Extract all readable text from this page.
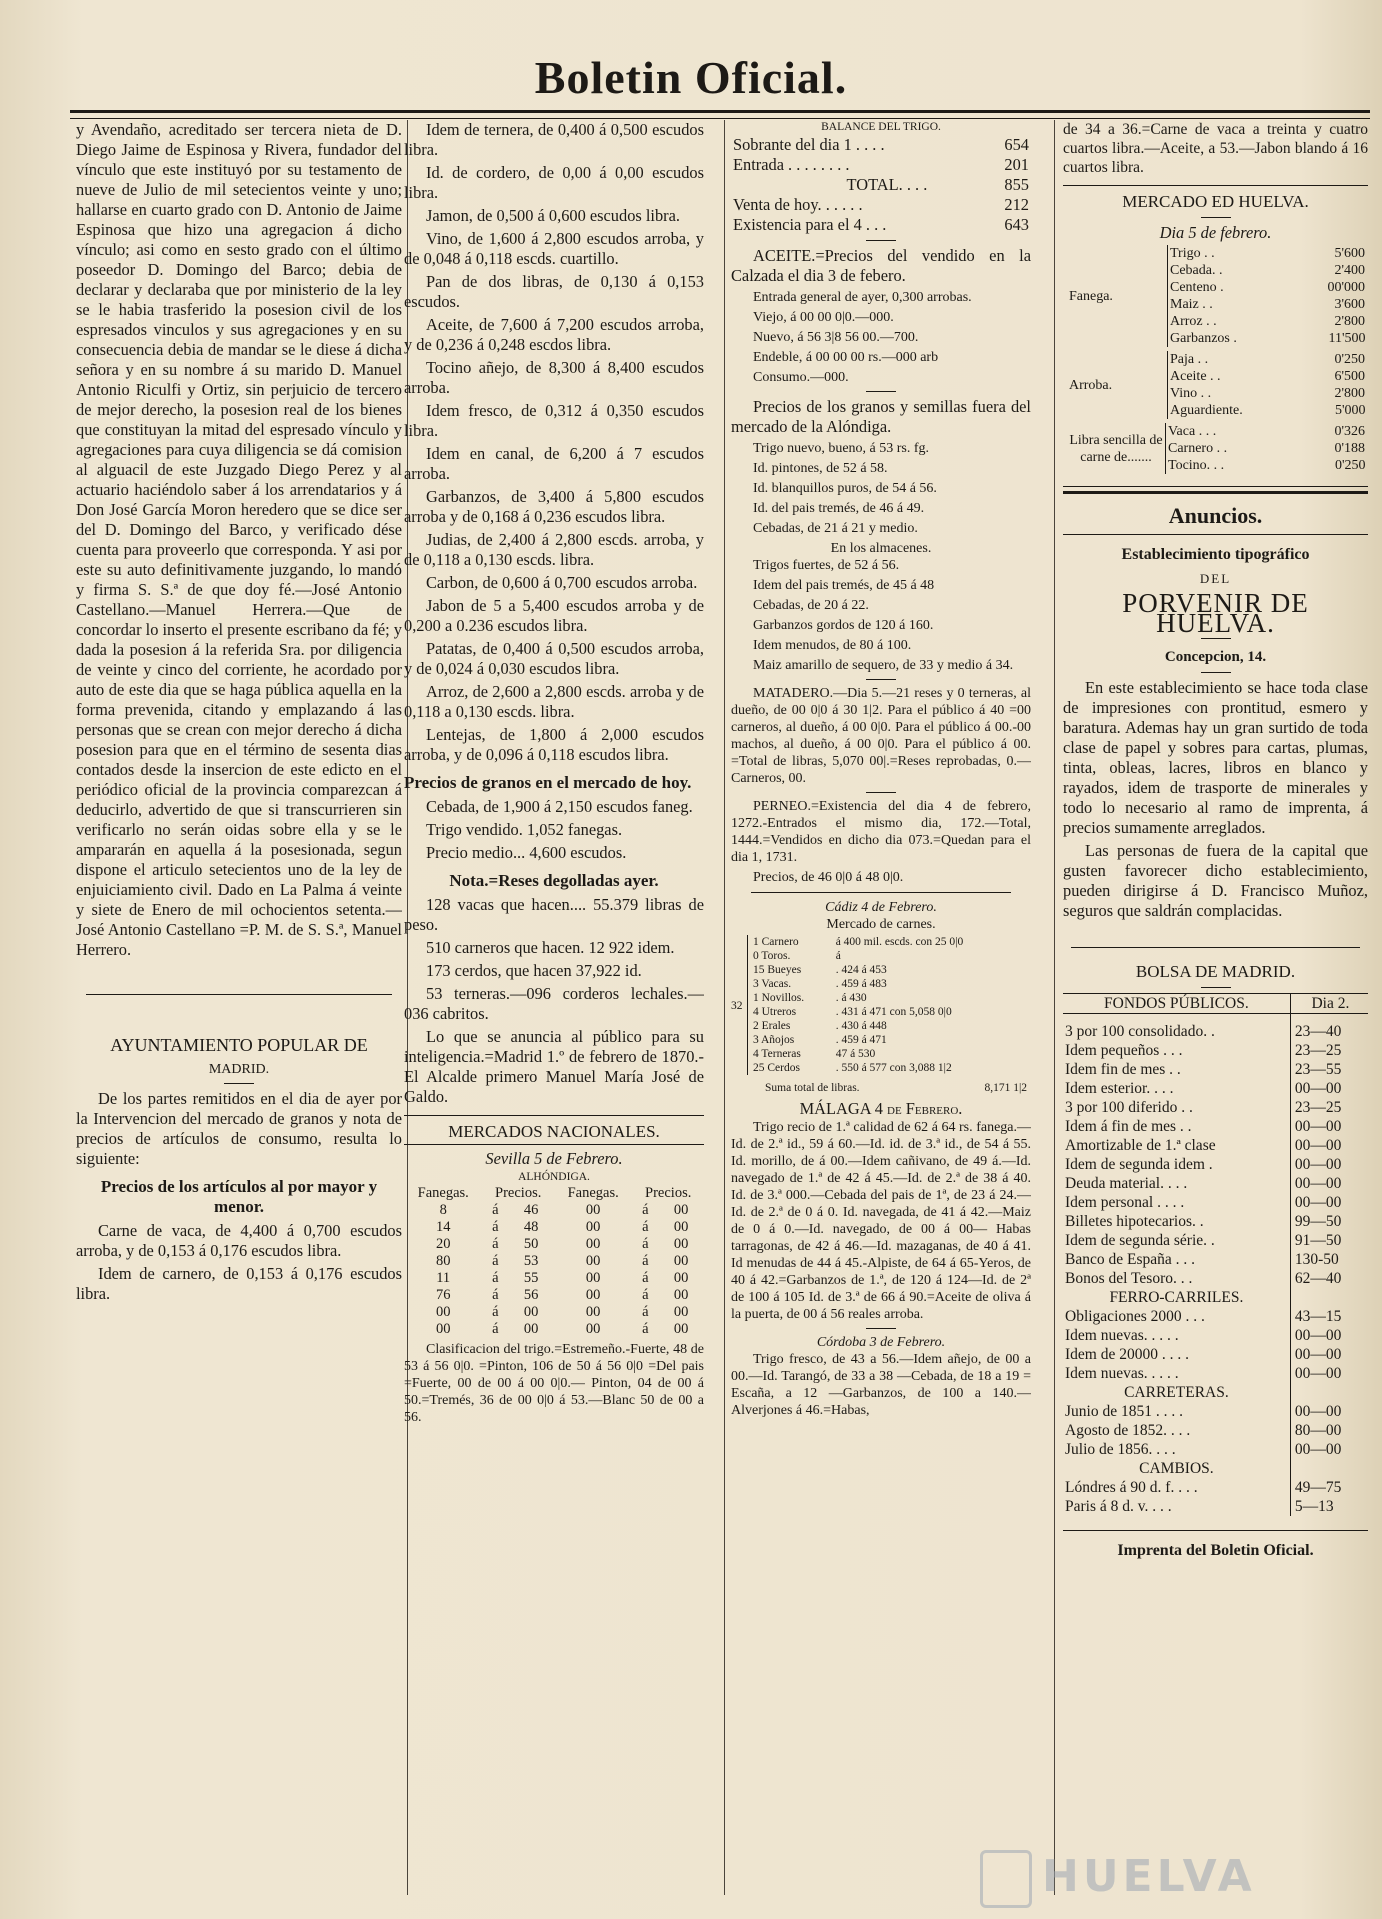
Boletin Oficial.

y Avendaño, acreditado ser tercera nieta de D. Diego Jaime de Espinosa y Rivera, fundador del vínculo que este instituyó por su testamento de nueve de Julio de mil setecientos veinte y uno; hallarse en cuarto grado con D. Antonio de Jaime Espinosa que hizo una agregacion á dicho vínculo; asi como en sesto grado con el último poseedor D. Domingo del Barco; debia de declarar y declaraba que por ministerio de la ley se le habia trasferido la posesion civil de los espresados vinculos y sus agregaciones y en su consecuencia debia de mandar se le diese á dicha señora y en su nombre á su marido D. Manuel Antonio Riculfi y Ortiz, sin perjuicio de tercero de mejor derecho, la posesion real de los bienes que constituyan la mitad del espresado vínculo y agregaciones para cuya diligencia se dá comision al alguacil de este Juzgado Diego Perez y al actuario haciéndolo saber á los arrendatarios y á Don José García Moron heredero que se dice ser del D. Domingo del Barco, y verificado dése cuenta para proveerlo que corresponda. Y asi por este su auto definitivamente juzgando, lo mandó y firma S. S.ª de que doy fé.—José Antonio Castellano.—Manuel Herrera.—Que de concordar lo inserto el presente escribano da fé; y dada la posesion á la referida Sra. por diligencia de veinte y cinco del corriente, he acordado por auto de este dia que se haga pública aquella en la forma prevenida, citando y emplazando á las personas que se crean con mejor derecho á dicha posesion para que en el término de sesenta dias contados desde la insercion de este edicto en el periódico oficial de la provincia comparezcan á deducirlo, advertido de que si transcurrieren sin verificarlo no serán oidas sobre ella y se le ampararán en aquella á la posesionada, segun dispone el articulo setecientos uno de la ley de enjuiciamiento civil. Dado en La Palma á veinte y siete de Enero de mil ochocientos setenta.—José Antonio Castellano =P. M. de S. S.ª, Manuel Herrero.

AYUNTAMIENTO POPULAR DE
MADRID.

De los partes remitidos en el dia de ayer por la Intervencion del mercado de granos y nota de precios de artículos de consumo, resulta lo siguiente:

Precios de los artículos al por mayor y menor.

Carne de vaca, de 4,400 á 0,700 escudos arroba, y de 0,153 á 0,176 escudos libra.

Idem de carnero, de 0,153 á 0,176 escudos libra.

Idem de ternera, de 0,400 á 0,500 escudos libra.

Id. de cordero, de 0,00 á 0,00 escudos libra.

Jamon, de 0,500 á 0,600 escudos libra.

Vino, de 1,600 á 2,800 escudos arroba, y de 0,048 á 0,118 escds. cuartillo.

Pan de dos libras, de 0,130 á 0,153 escudos.

Aceite, de 7,600 á 7,200 escudos arroba, y de 0,236 á 0,248 escdos libra.

Tocino añejo, de 8,300 á 8,400 escudos arroba.

Idem fresco, de 0,312 á 0,350 escudos libra.

Idem en canal, de 6,200 á 7 escudos arroba.

Garbanzos, de 3,400 á 5,800 escudos arroba y de 0,168 á 0,236 escudos libra.

Judias, de 2,400 á 2,800 escds. arroba, y de 0,118 a 0,130 escds. libra.

Carbon, de 0,600 á 0,700 escudos arroba.

Jabon de 5 a 5,400 escudos arroba y de 0,200 a 0.236 escudos libra.

Patatas, de 0,400 á 0,500 escudos arroba, y de 0,024 á 0,030 escudos libra.

Arroz, de 2,600 a 2,800 escds. arroba y de 0,118 a 0,130 escds. libra.

Lentejas, de 1,800 á 2,000 escudos arroba, y de 0,096 á 0,118 escudos libra.

Precios de granos en el mercado de hoy.

Cebada, de 1,900 á 2,150 escudos faneg.

Trigo vendido. 1,052 fanegas.

Precio medio... 4,600 escudos.

Nota.=Reses degolladas ayer.

128 vacas que hacen.... 55.379 libras de peso.

510 carneros que hacen. 12 922 idem.

173 cerdos, que hacen 37,922 id.

53 terneras.—096 corderos lechales.—036 cabritos.

Lo que se anuncia al público para su inteligencia.=Madrid 1.º de febrero de 1870.-El Alcalde primero Manuel María José de Galdo.

MERCADOS NACIONALES.
Sevilla 5 de Febrero.
ALHÓNDIGA.
Fanegas.	Precios.		Fanegas.	Precios.	
8	á	46	00	á	00
14	á	48	00	á	00
20	á	50	00	á	00
80	á	53	00	á	00
11	á	55	00	á	00
76	á	56	00	á	00
00	á	00	00	á	00
00	á	00	00	á	00

Clasificacion del trigo.=Estremeño.-Fuerte, 48 de 53 á 56 0|0. =Pinton, 106 de 50 á 56 0|0 =Del pais =Fuerte, 00 de 00 á 00 0|0.— Pinton, 04 de 00 á 50.=Tremés, 36 de 00 0|0 á 53.—Blanc 50 de 00 a 56.

BALANCE DEL TRIGO.
Sobrante del dia 1 . . . .	654
Entrada . . . . . . . .	201
TOTAL. . . .	855
Venta de hoy. . . . . .	212
Existencia para el 4 . . .	643

ACEITE.=Precios del vendido en la Calzada el dia 3 de febero.

Entrada general de ayer, 0,300 arrobas.

Viejo, á 00 00 0|0.—000.

Nuevo, á 56 3|8 56 00.—700.

Endeble, á 00 00 00 rs.—000 arb

Consumo.—000.

Precios de los granos y semillas fuera del mercado de la Alóndiga.

Trigo nuevo, bueno, á 53 rs. fg.

Id. pintones, de 52 á 58.

Id. blanquillos puros, de 54 á 56.

Id. del pais tremés, de 46 á 49.

Cebadas, de 21 á 21 y medio.

En los almacenes.

Trigos fuertes, de 52 á 56.

Idem del pais tremés, de 45 á 48

Cebadas, de 20 á 22.

Garbanzos gordos de 120 á 160.

Idem menudos, de 80 á 100.

Maiz amarillo de sequero, de 33 y medio á 34.

MATADERO.—Dia 5.—21 reses y 0 terneras, al dueño, de 00 0|0 á 30 1|2. Para el público á 40 =00 carneros, al dueño, á 00 0|0. Para el público á 00.-00 machos, al dueño, á 00 0|0. Para el público á 00. =Total de libras, 5,070 00|.=Reses reprobadas, 0.—Carneros, 00.

PERNEO.=Existencia del dia 4 de febrero, 1272.-Entrados el mismo dia, 172.—Total, 1444.=Vendidos en dicho dia 073.=Quedan para el dia 1, 1731.

Precios, de 46 0|0 á 48 0|0.

Cádiz 4 de Febrero.
Mercado de carnes.
32
1 Carnero	á 400 mil. escds. con 25 0|0
0 Toros.	á
15 Bueyes	. 424 á 453
3 Vacas.	. 459 á 483
1 Novillos.	. á 430
4 Utreros	. 431 á 471 con 5,058 0|0
2 Erales	. 430 á 448
3 Añojos	. 459 á 471
4 Terneras	47 á 530
25 Cerdos	. 550 á 577 con 3,088 1|2
Suma total de libras.	8,171 1|2
MÁLAGA 4 de Febrero.

Trigo recio de 1.ª calidad de 62 á 64 rs. fanega.—Id. de 2.ª id., 59 á 60.—Id. id. de 3.ª id., de 54 á 55. Id. morillo, de á 00.—Idem cañivano, de 49 á.—Id. navegado de 1.ª de 42 á 45.—Id. de 2.ª de 38 á 40. Id. de 3.ª 000.—Cebada del pais de 1ª, de 23 á 24.—Id. de 2.ª de 0 á 0. Id. navegada, de 41 á 42.—Maiz de 0 á 0.—Id. navegado, de 00 á 00— Habas tarragonas, de 42 á 46.—Id. mazaganas, de 40 á 41. Id menudas de 44 á 45.-Alpiste, de 64 á 65-Yeros, de 40 á 42.=Garbanzos de 1.ª, de 120 á 124—Id. de 2ª de 100 á 105 Id. de 3.ª de 66 á 90.=Aceite de oliva á la puerta, de 00 á 56 reales arroba.

Córdoba 3 de Febrero.

Trigo fresco, de 43 a 56.—Idem añejo, de 00 a 00.—Id. Tarangó, de 33 a 38 —Cebada, de 18 a 19 = Escaña, a 12 —Garbanzos, de 100 a 140.—Alverjones á 46.=Habas,

de 34 a 36.=Carne de vaca a treinta y cuatro cuartos libra.—Aceite, a 53.—Jabon blando á 16 cuartos libra.

MERCADO ED HUELVA.
Dia 5 de febrero.
Fanega.
Trigo . .	5'600
Cebada. .	2'400
Centeno .	00'000
Maiz . .	3'600
Arroz . .	2'800
Garbanzos .	11'500
Arroba.
Paja . .	0'250
Aceite . .	6'500
Vino . .	2'800
Aguardiente.	5'000
Libra sencilla de carne de.......
Vaca . . .	0'326
Carnero . .	0'188
Tocino. . .	0'250
Anuncios.
Establecimiento tipográfico
DEL
PORVENIR DE HUELVA.
Concepcion, 14.

En este establecimiento se hace toda clase de impresiones con prontitud, esmero y baratura. Ademas hay un gran surtido de toda clase de papel y sobres para cartas, plumas, tinta, obleas, lacres, libros en blanco y rayados, idem de trasporte de minerales y todo lo necesario al ramo de imprenta, á precios sumamente arreglados.

Las personas de fuera de la capital que gusten favorecer dicho establecimiento, pueden dirigirse á D. Francisco Muñoz, seguros que saldrán complacidas.

BOLSA DE MADRID.
FONDOS PÚBLICOS.	Dia 2.
3 por 100 consolidado. .	23—40
Idem pequeños . . .	23—25
Idem fin de mes . .	23—55
Idem esterior. . . .	00—00
3 por 100 diferido . .	23—25
Idem á fin de mes . .	00—00
Amortizable de 1.ª clase	00—00
Idem de segunda idem .	00—00
Deuda material. . . .	00—00
Idem personal . . . .	00—00
Billetes hipotecarios. .	99—50
Idem de segunda série. .	91—50
Banco de España . . .	130-50
Bonos del Tesoro. . .	62—40
FERRO-CARRILES.	
Obligaciones 2000 . . .	43—15
Idem nuevas. . . . .	00—00
Idem de 20000 . . . .	00—00
Idem nuevas. . . . .	00—00
CARRETERAS.	
Junio de 1851 . . . .	00—00
Agosto de 1852. . . .	80—00
Julio de 1856. . . .	00—00
CAMBIOS.	
Lóndres á 90 d. f. . . .	49—75
Paris á 8 d. v. . . .	5—13
Imprenta del Boletin Oficial.
HUELVA
